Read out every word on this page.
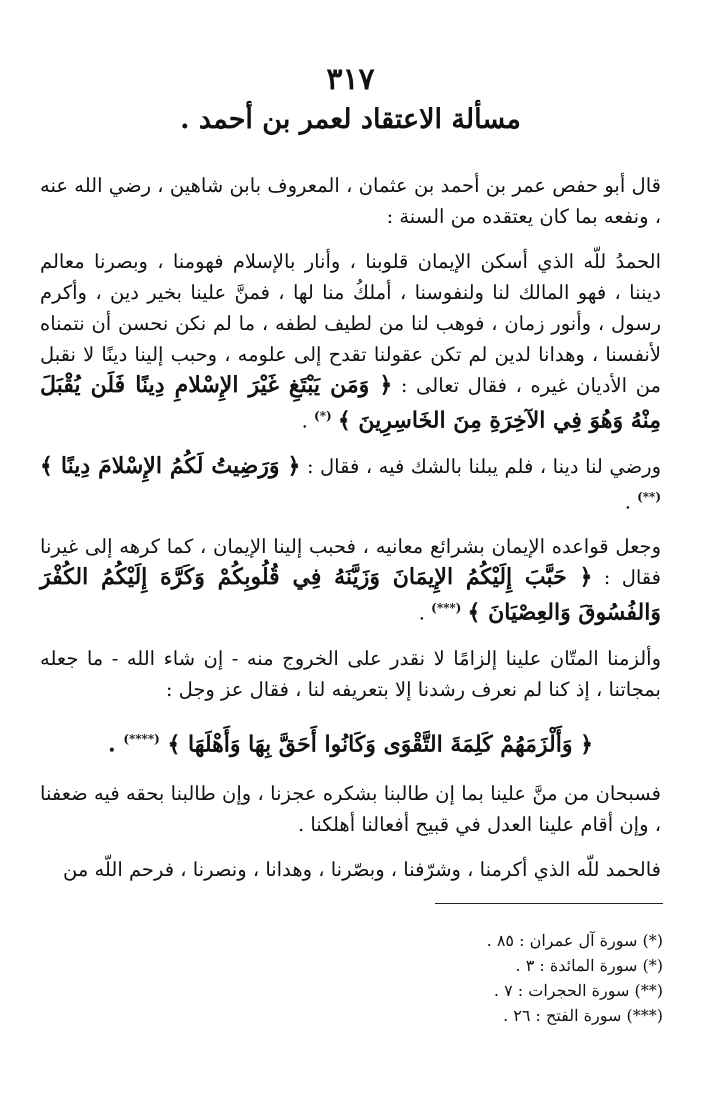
٣١٧
مسألة الاعتقاد لعمر بن أحمد .

قال أبو حفص عمر بن أحمد بن عثمان ، المعروف بابن شاهين ، رضي الله عنه ، ونفعه بما كان يعتقده من السنة :

الحمدُ للّه الذي أسكن الإيمان قلوبنا ، وأنار بالإسلام فهومنا ، وبصرنا معالم ديننا ، فهو المالك لنا ولنفوسنا ، أملكُ منا لها ، فمنَّ علينا بخير دين ، وأكرم رسول ، وأنور زمان ، فوهب لنا من لطيف لطفه ، ما لم نكن نحسن أن نتمناه لأنفسنا ، وهدانا لدين لم تكن عقولنا تقدح إلى علومه ، وحبب إلينا دينًا لا نقبل من الأديان غيره ، فقال تعالى : ﴿ وَمَن يَبْتَغِ غَيْرَ الإِسْلامِ دِينًا فَلَن يُقْبَلَ مِنْهُ وَهُوَ فِي الآخِرَةِ مِنَ الخَاسِرِينَ ﴾ (*) .

ورضي لنا دينا ، فلم يبلنا بالشك فيه ، فقال : ﴿ وَرَضِيتُ لَكُمُ الإِسْلامَ دِينًا ﴾ (**) .

وجعل قواعده الإيمان بشرائع معانيه ، فحبب إلينا الإيمان ، كما كرهه إلى غيرنا فقال : ﴿ حَبَّبَ إِلَيْكُمُ الإِيمَانَ وَزَيَّنَهُ فِي قُلُوبِكُمْ وَكَرَّهَ إِلَيْكُمُ الكُفْرَ وَالفُسُوقَ وَالعِصْيَانَ ﴾ (***) .

وألزمنا المتّان علينا إلزامًا لا نقدر على الخروج منه - إن شاء الله - ما جعله بمجاتنا ، إذ كنا لم نعرف رشدنا إلا بتعريفه لنا ، فقال عز وجل :

﴿ وَأَلْزَمَهُمْ كَلِمَةَ التَّقْوَى وَكَانُوا أَحَقَّ بِهَا وَأَهْلَهَا ﴾ (****) .

فسبحان من منَّ علينا بما إن طالبنا بشكره عجزنا ، وإن طالبنا بحقه فيه ضعفنا ، وإن أقام علينا العدل في قبيح أفعالنا أهلكنا .

فالحمد للّه الذي أكرمنا ، وشرّفنا ، وبصّرنا ، وهدانا ، ونصرنا ، فرحم اللّه من

(*) سورة آل عمران : ٨٥ .
(*) سورة المائدة : ٣ .
(**) سورة الحجرات : ٧ .
(***) سورة الفتح : ٢٦ .
